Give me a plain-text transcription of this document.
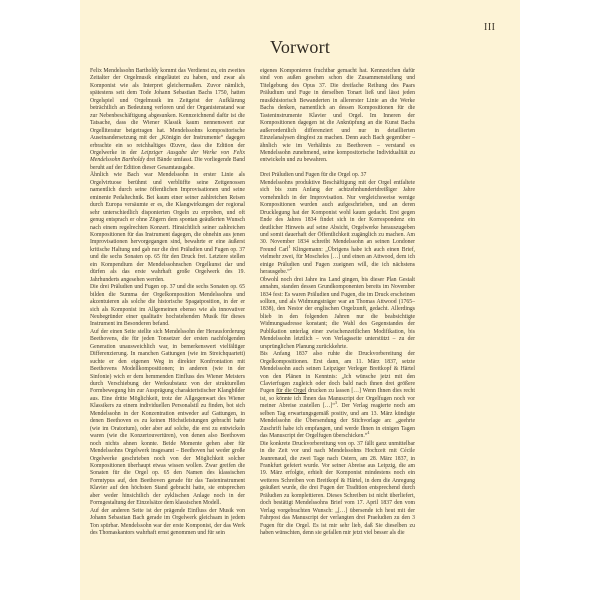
III
Vorwort

Felix Mendelssohn Bartholdy kommt das Verdienst zu, ein zweites Zeitalter der Orgelmusik eingeläutet zu haben, und zwar als Komponist wie als Interpret gleichermaßen. Zuvor nämlich, spätestens seit dem Tode Johann Sebastian Bachs 1750, hatten Orgelspiel und Orgelmusik im Zeitgeist der Aufklärung beträchtlich an Bedeutung verloren und der Organistenstand war zur Nebenbeschäftigung abgesunken. Kennzeichnend dafür ist die Tatsache, dass die Wiener Klassik kaum nennenswert zur Orgelliteratur beigetragen hat. Mendelssohns kompositorische Auseinandersetzung mit der „Königin der Instrumente“ dagegen erbrachte ein so reichhaltiges Œuvre, dass die Edition der Orgelwerke in der Leipziger Ausgabe der Werke von Felix Mendelssohn Bartholdy drei Bände umfasst. Die vorliegende Band beruht auf der Edition dieser Gesamtausgabe.

Ähnlich wie Bach war Mendelssohn in erster Linie als Orgelvirtuose berühmt und verblüffte seine Zeitgenossen namentlich durch seine öffentlichen Improvisationen und seine eminente Pedaltechnik. Bei kaum einer seiner zahlreichen Reisen durch Europa versäumte er es, die Klangwirkungen der regional sehr unterschiedlich disponierten Orgeln zu erproben, und oft genug entsprach er ohne Zögern dem spontan geäußerten Wunsch nach einem regelrechten Konzert. Hinsichtlich seiner zahlreichen Kompositionen für das Instrument dagegen, die ohnehin aus jenen Improvisationen hervorgegangen sind, bewahrte er eine äußerst kritische Haltung und gab nur die drei Präludien und Fugen op. 37 und die sechs Sonaten op. 65 für den Druck frei. Letztere stellen ein Kompendium der Mendelssohnschen Orgelkunst dar und dürfen als das erste wahrhaft große Orgelwerk des 19. Jahrhunderts angesehen werden.

Die drei Präludien und Fugen op. 37 und die sechs Sonaten op. 65 bilden die Summa der Orgelkomposition Mendelssohns und akzentuieren als solche die historische Spagatposition, in der er sich als Komponist im Allgemeinen ebenso wie als innovativer Neubegründer einer qualitativ hochstehenden Musik für dieses Instrument im Besonderen befand.

Auf der einen Seite stellte sich Mendelssohn der Herausforderung Beethovens, die für jeden Tonsetzer der ersten nachfolgenden Generation unausweichlich war, in bemerkenswert vielfältiger Differenzierung. In manchen Gattungen (wie im Streichquartett) suchte er den eigenen Weg in direkter Konfrontation mit Beethovens Modellkompositionen; in anderen (wie in der Sinfonie) wich er dem hemmenden Einfluss des Wiener Meisters durch Verschiebung der Werksubstanz von der strukturellen Formbewegung hin zur Ausprägung charakteristischer Klangbilder aus. Eine dritte Möglichkeit, trotz der Allgegenwart des Wiener Klassikers zu einem individuellen Personalstil zu finden, bot sich Mendelssohn in der Konzentration entweder auf Gattungen, in denen Beethoven es zu keinen Höchstleistungen gebracht hatte (wie im Oratorium), oder aber auf solche, die erst zu entwickeln waren (wie die Konzertouvertüren), von denen also Beethoven noch nichts ahnen konnte. Beide Momente gehen aber für Mendelssohns Orgelwerk insgesamt – Beethoven hat weder große Orgelwerke geschrieben noch von der Möglichkeit solcher Kompositionen überhaupt etwas wissen wollen. Zwar greifen die Sonaten für die Orgel op. 65 den Namen des klassischen Formtypus auf, den Beethoven gerade für das Tasteninstrument Klavier auf den höchsten Stand gebracht hatte, sie entsprechen aber weder hinsichtlich der zyklischen Anlage noch in der Formgestaltung der Einzelsätze dem klassischen Modell.

Auf der anderen Seite ist der prägende Einfluss der Musik von Johann Sebastian Bach gerade im Orgelwerk gleichsam in jedem Ton spürbar. Mendelssohn war der erste Komponist, der das Werk des Thomaskantors wahrhaft ernst genommen und für sein

eigenes Komponieren fruchtbar gemacht hat. Kennzeichen dafür sind von außen gesehen schon die Zusammenstellung und Titelgebung des Opus 37. Die dreifache Reihung des Paars Präludium und Fuge in derselben Tonart ließ und lässt jeden musikhistorisch Bewanderten in allererster Linie an die Werke Bachs denken, namentlich an dessen Kompositionen für die Tasteninstrumente Klavier und Orgel. Im Inneren der Kompositionen dagegen ist die Anknüpfung an die Kunst Bachs außerordentlich differenziert und nur in detaillierten Einzelanalysen dingfest zu machen. Denn auch Bach gegenüber – ähnlich wie im Verhältnis zu Beethoven – verstand es Mendelssohn zunehmend, seine kompositorische Individualität zu entwickeln und zu bewahren.

Drei Präludien und Fugen für die Orgel op. 37

Mendelssohns produktive Beschäftigung mit der Orgel entfaltete sich bis zum Anfang der achtzehnhundertdreißiger Jahre vornehmlich in der Improvisation. Nur vergleichsweise wenige Kompositionen wurden auch aufgeschrieben, und an deren Drucklegung hat der Komponist wohl kaum gedacht. Erst gegen Ende des Jahres 1834 findet sich in der Korrespondenz ein deutlicher Hinweis auf seine Absicht, Orgelwerke herauszugeben und somit dauerhaft der Öffentlichkeit zugänglich zu machen. Am 30. November 1834 schreibt Mendelssohn an seinen Londoner Freund Carl$^1$ Klingemann: „Übrigens habe ich auch einen Brief, vielmehr zwei, für Moscheles […] und einen an Attwood, dem ich einige Präludien und Fugen zueignen will, die ich nächstens herausgebe.“$^2$

Obwohl noch drei Jahre ins Land gingen, bis dieser Plan Gestalt annahm, standen dessen Grundkomponenten bereits im November 1834 fest: Es waren Präludien und Fugen, die im Druck erscheinen sollten, und als Widmungsträger war an Thomas Attwood (1765–1838), den Nestor der englischen Orgelzunft, gedacht. Allerdings blieb in den folgenden Jahren nur die beabsichtigte Widmungsadresse konstant; die Wahl des Gegenstandes der Publikation unterlag einer zwischenzeitlichen Modifikation, bis Mendelssohn letztlich – von Verlagsseite unterstützt – zu der ursprünglichen Planung zurückkehrte.

Bis Anfang 1837 also ruhte die Druckvorbereitung der Orgelkompositionen. Erst dann, am 11. März 1837, setzte Mendelssohn auch seinen Leipziger Verleger Breitkopf & Härtel von den Plänen in Kenntnis: „Ich wünsche jetzt mit den Clavierfugen zugleich oder doch bald nach ihnen drei größere Fugen für die Orgel drucken zu lassen […] Wenn Ihnen dies recht ist, so könnte ich Ihnen das Manuscript der Orgelfugen noch vor meiner Abreise zustellen […]“$^3$. Der Verlag reagierte noch am selben Tag erwartungsgemäß positiv, und am 13. März kündigte Mendelssohn die Übersendung der Stichvorlage an: „geehrte Zuschrift habe ich empfangen, und werde Ihnen in einigen Tagen das Manuscript der Orgelfugen überschicken.“$^4$

Die konkrete Druckvorbereitung von op. 37 fällt ganz unmittelbar in die Zeit vor und nach Mendelssohns Hochzeit mit Cécile Jeanrenaud, die zwei Tage nach Ostern, am 28. März 1837, in Frankfurt gefeiert wurde. Vor seiner Abreise aus Leipzig, die am 19. März erfolgte, erhielt der Komponist mindestens noch ein weiteres Schreiben von Breitkopf & Härtel, in dem die Anregung geäußert wurde, die drei Fugen der Tradition entsprechend durch Präludien zu komplettieren. Dieses Schreiben ist nicht überliefert, doch bestätigt Mendelssohns Brief vom 17. April 1837 den vom Verlag vorgebrachten Wunsch: „[…] übersende ich heut mit der Fahrpost das Manuscript der verlangten drei Praeludien zu den 3 Fugen für die Orgel. Es ist mir sehr lieb, daß Sie dieselben zu haben wünschten, denn sie gefallen mir jetzt viel besser als die
